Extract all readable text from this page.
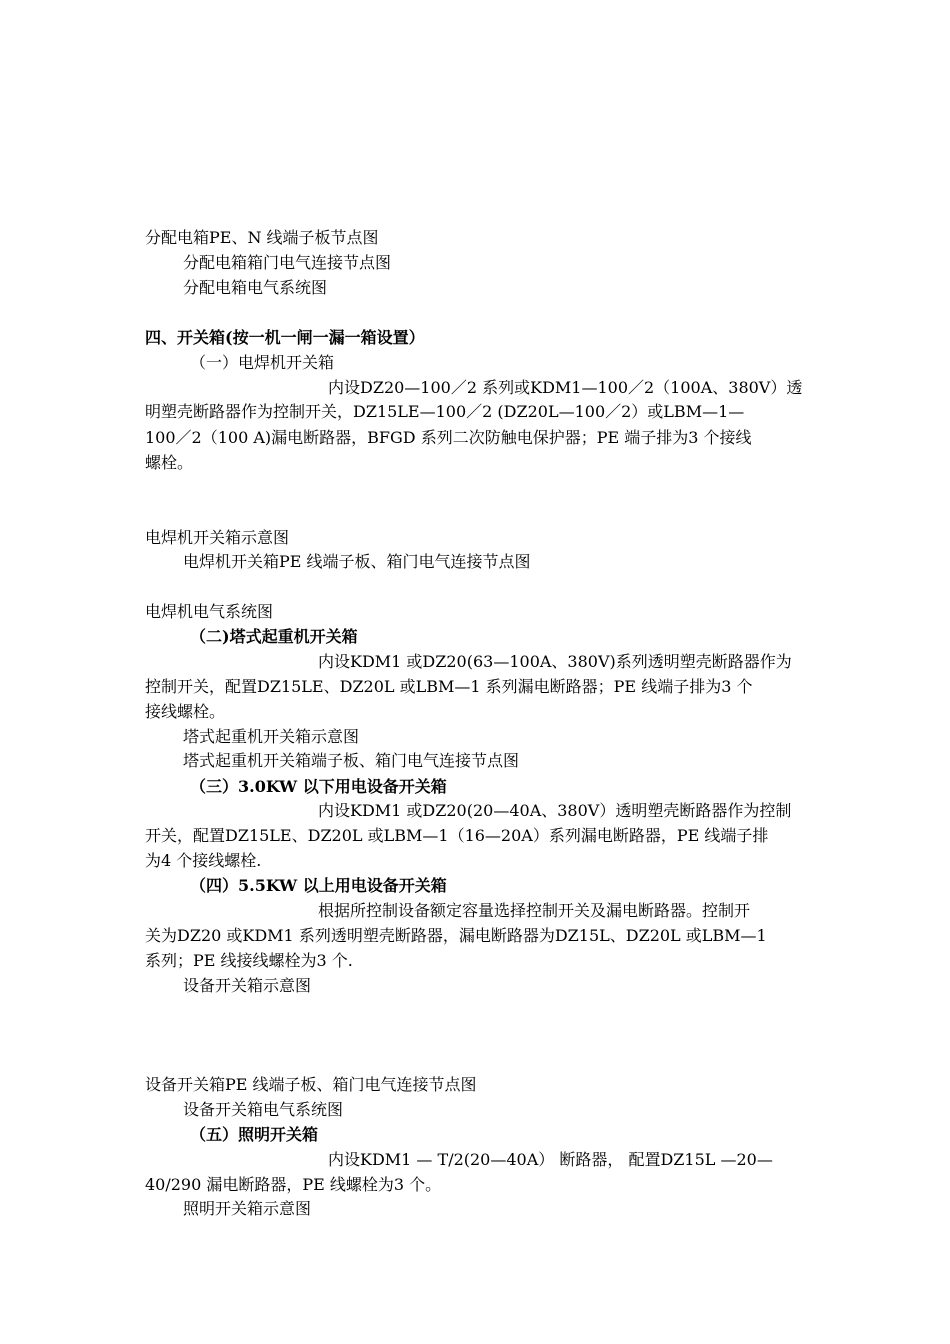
分配电箱PE、N 线端子板节点图
分配电箱箱门电气连接节点图
分配电箱电气系统图
四、开关箱(按一机一闸一漏一箱设置）
（一）电焊机开关箱
内设DZ20—100／2 系列或KDM1—100／2（100A、380V）透
明塑壳断路器作为控制开关，DZ15LE—100／2 (DZ20L—100／2）或LBM—1—
100／2（100 A)漏电断路器，BFGD 系列二次防触电保护器；PE 端子排为3 个接线
螺栓。
电焊机开关箱示意图
电焊机开关箱PE 线端子板、箱门电气连接节点图
电焊机电气系统图
（二)塔式起重机开关箱
内设KDM1 或DZ20(63—100A、380V)系列透明塑壳断路器作为
控制开关，配置DZ15LE、DZ20L 或LBM—1 系列漏电断路器；PE 线端子排为3 个
接线螺栓。
塔式起重机开关箱示意图
塔式起重机开关箱端子板、箱门电气连接节点图
（三）3.0KW 以下用电设备开关箱
内设KDM1 或DZ20(20—40A、380V）透明塑壳断路器作为控制
开关，配置DZ15LE、DZ20L 或LBM—1（16—20A）系列漏电断路器，PE 线端子排
为4 个接线螺栓.
（四）5.5KW 以上用电设备开关箱
根据所控制设备额定容量选择控制开关及漏电断路器。控制开
关为DZ20 或KDM1 系列透明塑壳断路器，漏电断路器为DZ15L、DZ20L 或LBM—1
系列；PE 线接线螺栓为3 个.
设备开关箱示意图
设备开关箱PE 线端子板、箱门电气连接节点图
设备开关箱电气系统图
（五）照明开关箱
内设KDM1 — T/2(20—40A） 断路器， 配置DZ15L —20—
40/290 漏电断路器，PE 线螺栓为3 个。
照明开关箱示意图
